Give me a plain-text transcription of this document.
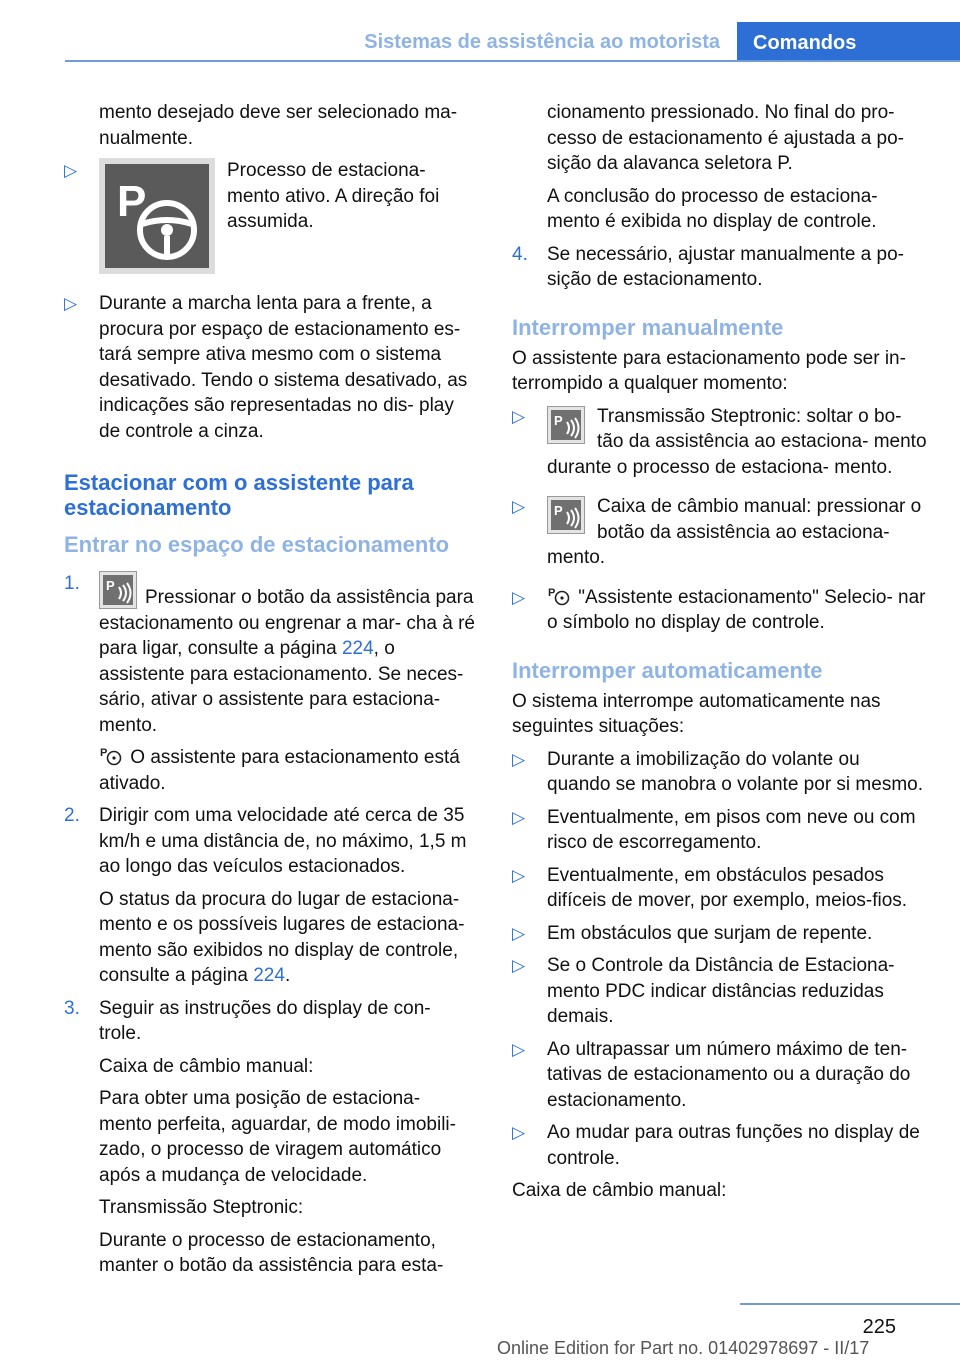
Sistemas de assistência ao motorista	Comandos

mento desejado deve ser selecionado ma- nualmente.

▷
P

Processo de estaciona- mento ativo. A direção foi assumida.

▷ Durante a marcha lenta para a frente, a procura por espaço de estacionamento es- tará sempre ativa mesmo com o sistema desativado. Tendo o sistema desativado, as indicações são representadas no dis- play de controle a cinza.

Estacionar com o assistente para estacionamento
Entrar no espaço de estacionamento
1. P
Pressionar o botão da assistência para estacionamento ou engrenar a mar- cha à ré para ligar, consulte a página 224, o assistente para estacionamento. Se neces- sário, ativar o assistente para estaciona- mento.

P O assistente para estacionamento está ativado.

2. Dirigir com uma velocidade até cerca de 35 km/h e uma distância de, no máximo, 1,5 m ao longo das veículos estacionados.

O status da procura do lugar de estaciona- mento e os possíveis lugares de estaciona- mento são exibidos no display de controle, consulte a página 224.

3. Seguir as instruções do display de con- trole.

Caixa de câmbio manual:

Para obter uma posição de estaciona- mento perfeita, aguardar, de modo imobili- zado, o processo de viragem automático após a mudança de velocidade.

Transmissão Steptronic:

Durante o processo de estacionamento, manter o botão da assistência para esta-

cionamento pressionado. No final do pro- cesso de estacionamento é ajustada a po- sição da alavanca seletora P.

A conclusão do processo de estaciona- mento é exibida no display de controle.

4. Se necessário, ajustar manualmente a po- sição de estacionamento.

Interromper manualmente

O assistente para estacionamento pode ser in- terrompido a qualquer momento:

▷ P	Transmissão Steptronic: soltar o bo- tão da assistência ao estaciona- mento durante o processo de estaciona- mento.

▷ P	Caixa de câmbio manual: pressionar o botão da assistência ao estaciona- mento.

▷ P "Assistente estacionamento" Selecio- nar o símbolo no display de controle.

Interromper automaticamente

O sistema interrompe automaticamente nas seguintes situações:

▷ Durante a imobilização do volante ou quando se manobra o volante por si mesmo.

▷ Eventualmente, em pisos com neve ou com risco de escorregamento.

▷ Eventualmente, em obstáculos pesados difíceis de mover, por exemplo, meios-fios.

▷ Em obstáculos que surjam de repente.

▷ Se o Controle da Distância de Estaciona- mento PDC indicar distâncias reduzidas demais.

▷ Ao ultrapassar um número máximo de ten- tativas de estacionamento ou a duração do estacionamento.

▷ Ao mudar para outras funções no display de controle.

Caixa de câmbio manual:

225
Online Edition for Part no. 01402978697 - II/17
